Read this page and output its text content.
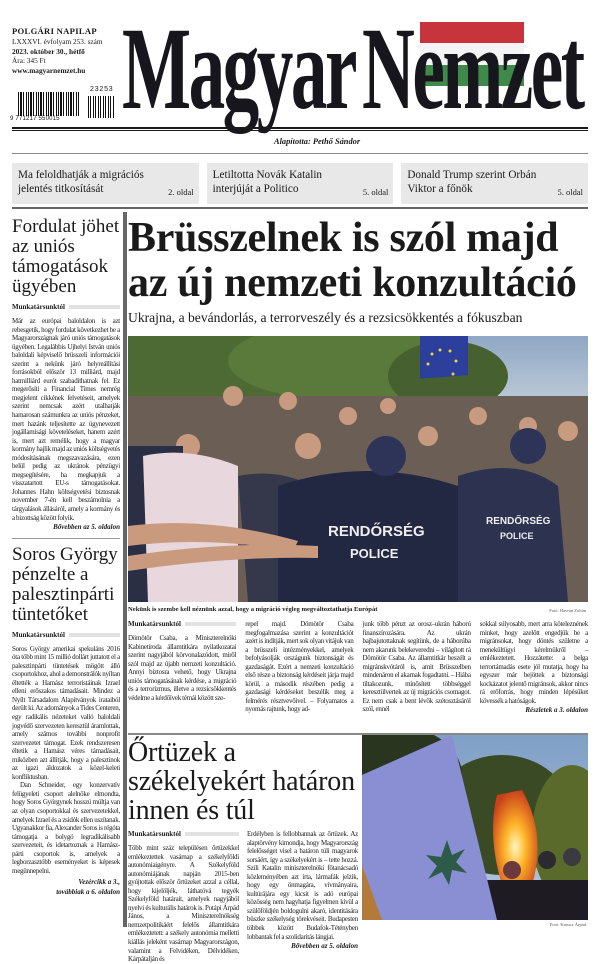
POLGÁRI NAPILAP
LXXXVI. évfolyam 253. szám
2023. október 30., hétfő
Ára: 345 Ft
www.magyarnemzet.hu
9 771217 550015
23253 Magyar Nemzet
Alapította: Pethő Sándor
Ma feloldhatják a migrációs jelentés titkosítását	2. oldal
Letiltotta Novák Katalin interjúját a Politico	5. oldal
Donald Trump szerint Orbán Viktor a főnök	5. oldal
Fordulat jöhet az uniós támogatások ügyében
Munkatársunktól

Már az európai baloldalon is azt rebesgetik, hogy fordulat következhet be a Magyarországnak járó uniós támogatások ügyében. Legalábbis Ujhelyi István uniós baloldali képviselő brüsszeli információi szerint a nekünk járó helyreállítási forrásokból először 13 milliárd, majd hatmilliárd eurót szabadíthatnak fel. Ez megerősíti a Financial Times nemrég megjelent cikkének felvetéseit, amelyek szerint nemcsak azért utalhatják hamarosan számunkra az uniós pénzeket, mert hazánk teljesítette az úgynevezett jogállamisági követeléseket, hanem azért is, mert azt remélik, hogy a magyar kormány hajlik majd az uniós költségvetés módosításának megszavazására, ezen belül pedig az ukránok pénzügyi megsegítésére, ha megkapjuk a visszatartott EU-s támogatásokat. Johannes Hahn költségvetési biztosnak november 7-én kell beszámolnia a tárgyalások állásáról, amely a kormány és a bizottság között folyik.

Bővebben az 5. oldalon
Soros György pénzelte a palesztinpárti tüntetőket
Munkatársunktól

Soros György amerikai spekuláns 2016 óta több mint 15 millió dollárt juttatott el a palesztinpárti tüntetések mögött álló csoportokhoz, ahol a demonstrálók nyíltan éltették a Hamász terroristáinak Izrael elleni erőszakos támadásait. Mindez a Nyílt Társadalom Alapítványok irataiból derült ki. Az adományok a Tides Centeren, egy radikális nézeteket valló baloldali jogvédő szervezeten keresztül áramlottak, amely számos további nonprofit szervezetet támogat. Ezek rendszeresen éltetik a Hamász véres támadásait, miközben azt állítják, hogy a palesztinok az igazi áldozatok a közel-keleti konfliktusban.

Dan Schneider, egy konzervatív felügyeleti csoport alelnöke elmondta, hogy Soros Györgynek hosszú múltja van az olyan csoportokkal és szervezetekkel, amelyek Izrael és a zsidók ellen uszítanak. Ugyanakkor fia, Alexander Soros is régóta támogatja a bolygó legradikálisabb szervezeteit, és idetartoznak a Hamász-párti csoportok is, amelyek a legborzasztóbb eseményeket is képesek megünnepelni.

Vezércikk a 3.,
továbbiak a 6. oldalon
Brüsszelnek is szól majd az új nemzeti konzultáció
Ukrajna, a bevándorlás, a terrorveszély és a rezsicsökkentés a fókuszban
RENDŐRSÉG
POLICE
RENDŐRSÉG
POLICE
Nekünk is szembe kell néznünk azzal, hogy a migráció végleg megváltoztathatja Európát	Fotó: Havran Zoltán
Munkatársunktól

Dömötör Csaba, a Miniszterelnöki Kabinetiroda államtitkára nyilatkozatai szerint nagyjából körvonalazódott, miről szól majd az újabb nemzeti konzultáció. Annyi biztosra vehető, hogy Ukrajna uniós támogatásának kérdése, a migráció és a terrorizmus, illetve a rezsicsökkentés védelme a kérdőívek témái között sze-

repel majd. Dömötör Csaba megfogalmazása szerint a konzultációt azért is indítják, mert sok olyan vitájuk van a brüsszeli intézményekkel, amelyek befolyásolják országunk biztonságát és gazdaságát. Ezért a nemzeti konzultáció első része a biztonság kérdéseit járja majd körül, a második részében pedig a gazdasági kérdéseket beszélik meg a felmérés résztvevőivel. – Folyamatos a nyomás rajtunk, hogy ad-

junk több pénzt az orosz–ukrán háború finanszírozására. Az ukrán bajbajutottaknak segítünk, de a háborúba nem akarunk belekeveredni – világított rá Dömötör Csaba. Az államtitkár beszélt a migránskvótáról is, amit Brüsszelben mindenáron el akarnak fogadtatni. – Hiába tiltakozunk, minősített többséggel keresztülvertek az új migrációs csomagot. Ez nem csak a bent lévők szétosztásáról szól, ennél

sokkal súlyosabb, mert arra köteleznének minket, hogy azelőtt engedjük be a migránsokat, hogy döntés születne a menekültügyi kérelmükről – emlékeztetett. Hozzátette: a belga terrortámadás esete jól mutatja, hogy ha egyszer már bejöttek a biztonsági kockázatot jelentő migránsok, akkor nincs rá erőforrás, hogy minden lépésüket kövessék a hatóságok.

Részletek a 3. oldalon
Őrtüzek a székelyekért határon innen és túl
Munkatársunktól

Több mint száz településen őrtüzekkel emlékeztettek vasárnap a székelyföldi autonómiaigényre. A Székelyföld autonómiájának napján 2015-ben gyújtottak először őrtüzeket azzal a céllal, hogy kijelöljék, láthatóvá tegyék Székelyföld határait, amelyek nagyjából nyelvi és kulturális határok is. Potápi Árpád János, a Miniszterelnökség nemzetpolitikáért felelős államtitkára emlékeztetett: a székely autonómia melletti kiállás jeleként vasárnap Magyarországon, valamint a Felvidéken, Délvidéken, Kárpátalján és

Erdélyben is fellobbannak az őrtüzek. Az alaptörvény kimondja, hogy Magyarország felelősséget visel a határon túli magyarok sorsáért, így a székelyekért is – tette hozzá. Szili Katalin miniszterelnöki főtanácsadó közleményében azt írta, lármafák jelzik, hogy egy önmagára, vívmányaira, kultúrájára egy kicsit is adó európai közösség nem hagyhatja figyelmen kívül a szülőföldjén boldogulni akaró, identitására büszke székelység törekvéseit. Budapesten többek között Budafok-Tétényben lobbantak fel a szolidaritás lángjai.

Bővebben az 5. oldalon
Fotó: Kurucz Árpád
